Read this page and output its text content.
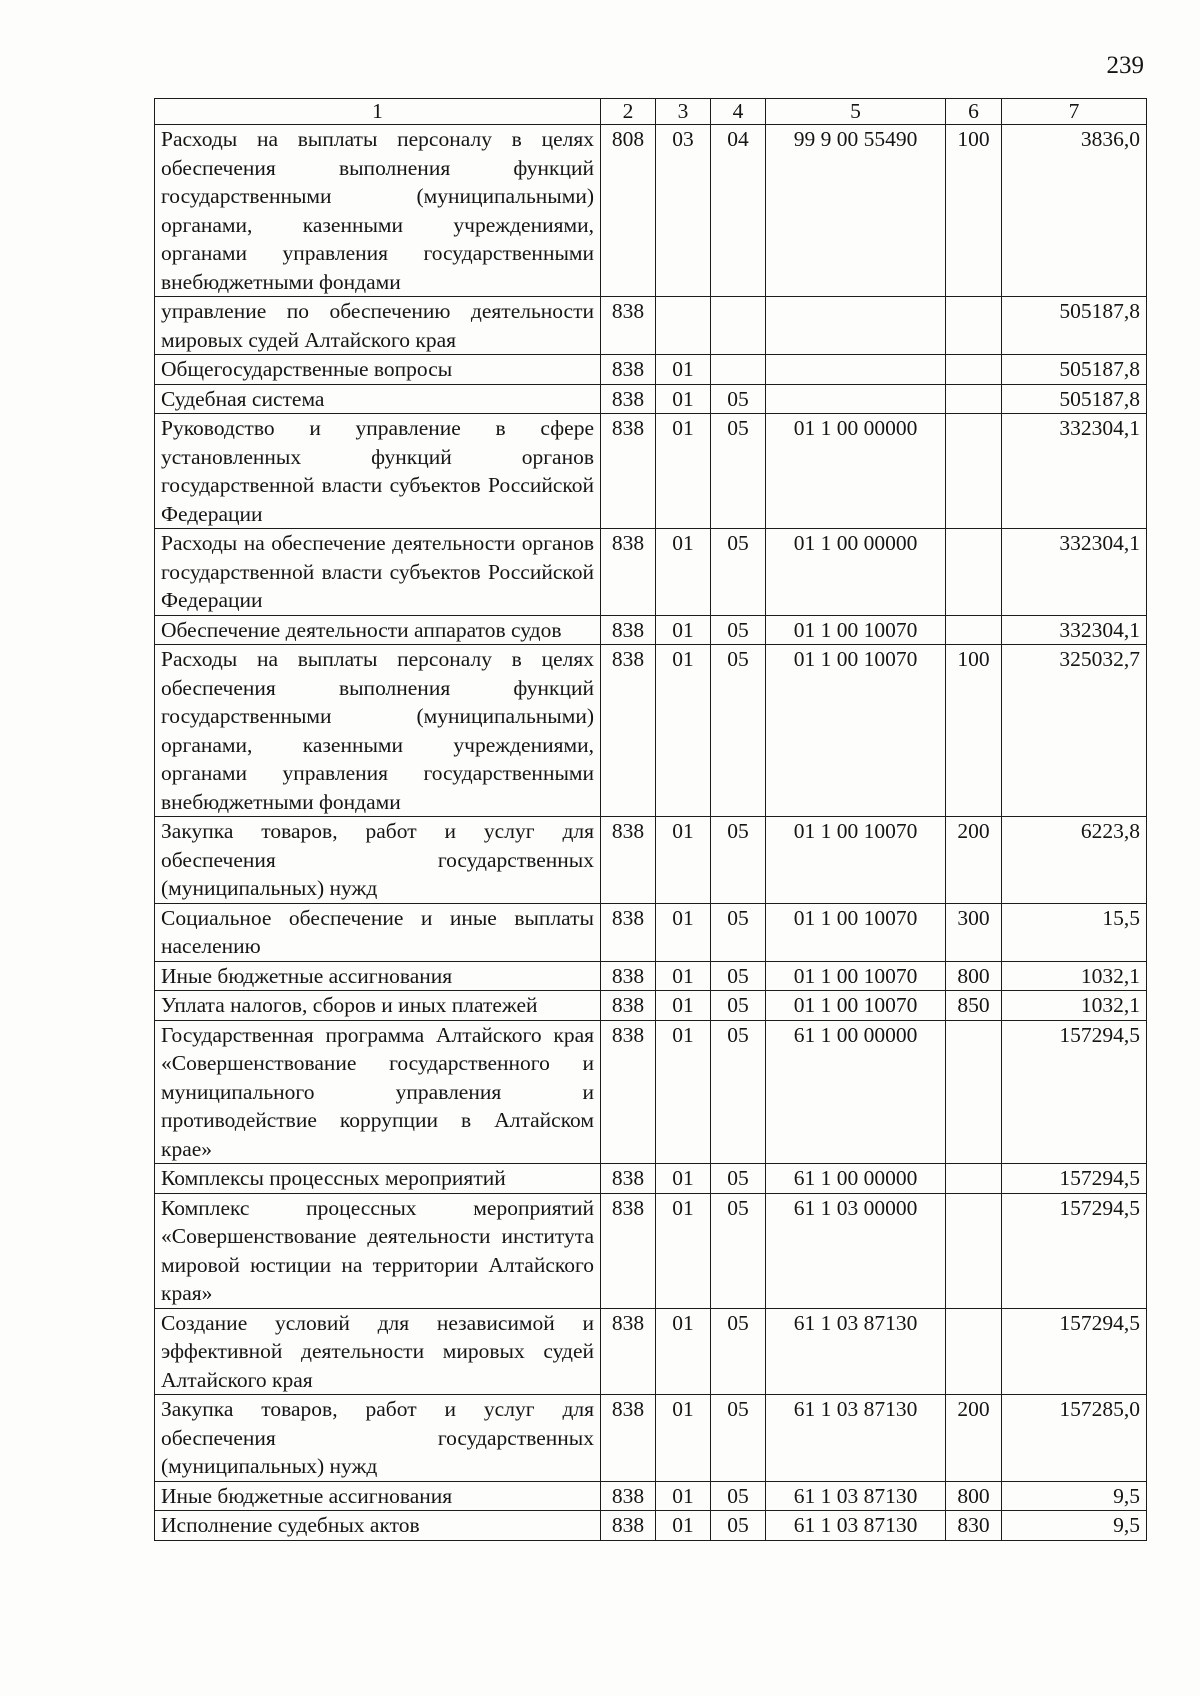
239
1	2	3	4	5	6	7
Расходы на выплаты персоналу в целях обеспечения выполнения функций государственными (муниципальными) органами, казенными учреждениями, органами управления государственными внебюджетными фондами	808	03	04	99 9 00 55490	100	3836,0
управление по обеспечению деятельности мировых судей Алтайского края	838					505187,8
Общегосударственные вопросы	838	01				505187,8
Судебная система	838	01	05			505187,8
Руководство и управление в сфере установленных функций органов государственной власти субъектов Российской Федерации	838	01	05	01 1 00 00000		332304,1
Расходы на обеспечение деятельности органов государственной власти субъектов Российской Федерации	838	01	05	01 1 00 00000		332304,1
Обеспечение деятельности аппаратов судов	838	01	05	01 1 00 10070		332304,1
Расходы на выплаты персоналу в целях обеспечения выполнения функций государственными (муниципальными) органами, казенными учреждениями, органами управления государственными внебюджетными фондами	838	01	05	01 1 00 10070	100	325032,7
Закупка товаров, работ и услуг для обеспечения государственных (муниципальных) нужд	838	01	05	01 1 00 10070	200	6223,8
Социальное обеспечение и иные выплаты населению	838	01	05	01 1 00 10070	300	15,5
Иные бюджетные ассигнования	838	01	05	01 1 00 10070	800	1032,1
Уплата налогов, сборов и иных платежей	838	01	05	01 1 00 10070	850	1032,1
Государственная программа Алтайского края «Совершенствование государственного и муниципального управления и противодействие коррупции в Алтайском крае»	838	01	05	61 1 00 00000		157294,5
Комплексы процессных мероприятий	838	01	05	61 1 00 00000		157294,5
Комплекс процессных мероприятий «Совершенствование деятельности института мировой юстиции на территории Алтайского края»	838	01	05	61 1 03 00000		157294,5
Создание условий для независимой и эффективной деятельности мировых судей Алтайского края	838	01	05	61 1 03 87130		157294,5
Закупка товаров, работ и услуг для обеспечения государственных (муниципальных) нужд	838	01	05	61 1 03 87130	200	157285,0
Иные бюджетные ассигнования	838	01	05	61 1 03 87130	800	9,5
Исполнение судебных актов	838	01	05	61 1 03 87130	830	9,5
